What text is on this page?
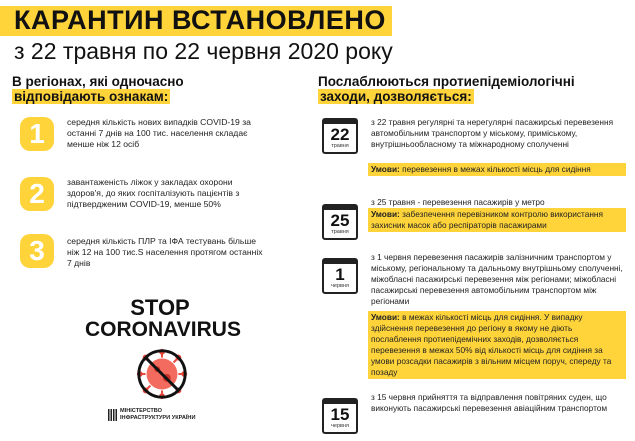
КАРАНТИН ВСТАНОВЛЕНО
з 22 травня по 22 червня 2020 року
В регіонах, які одночасно
відповідають ознакам:
Послаблюються протиепідеміологічні
заходи, дозволяється:
1	середня кількість нових випадків COVID-19 за останні 7 днів на 100 тис. населення складає менше ніж 12 осіб
2	завантаженість ліжок у закладах охорони здоров'я, до яких госпіталізують пацієнтів з підтвердженим COVID-19, менше 50%
3	середня кількість ПЛР та ІФА тестувань більше ніж 12 на 100 тис.S населення протягом останніх 7 днів
STOP
CORONAVIRUS
МІНІСТЕРСТВО
ІНФРАСТРУКТУРИ УКРАЇНИ
22
травня
з 22 травня регулярні та нерегулярні пасажирські перевезення автомобільним транспортом у міському, приміському, внутрішньообласному та міжнародному сполученні
Умови: перевезення в межах кількості місць для сидіння
25
травня
з 25 травня - перевезення пасажирів у метро
Умови: забезпечення перевізником контролю використання захисник масок або респіраторів пасажирами
1
червня
з 1 червня перевезення пасажирів залізничним транспортом у міському, регіональному та дальньому внутрішньому сполученні, міжобласні пасажирські перевезення між регіонами; міжобласні пасажирські перевезення автомобільним транспортом між регіонами
Умови: в межах кількості місць для сидіння. У випадку здійснення перевезення до регіону в якому не діють послаблення протиепідемічних заходів, дозволяється перевезення в межах 50% від кількості місць для сидіння за умови розсадки пасажирів з вільним місцем поруч, спереду та позаду
15
червня
з 15 червня прийняття та відправлення повітряних суден, що виконують пасажирські перевезення авіаційним транспортом
